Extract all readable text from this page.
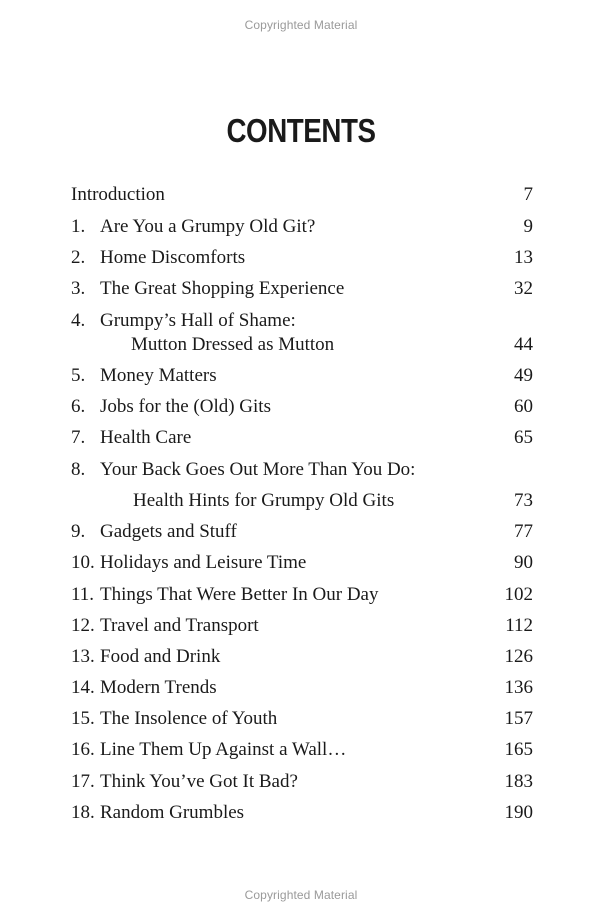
Copyrighted Material
CONTENTS
Introduction	7
1. Are You a Grumpy Old Git?	9
2. Home Discomforts	13
3. The Great Shopping Experience	32
4. Grumpy’s Hall of Shame:
Mutton Dressed as Mutton	44
5. Money Matters	49
6. Jobs for the (Old) Gits	60
7. Health Care	65
8. Your Back Goes Out More Than You Do:
Health Hints for Grumpy Old Gits	73
9. Gadgets and Stuff	77
10. Holidays and Leisure Time	90
11. Things That Were Better In Our Day	102
12. Travel and Transport	112
13. Food and Drink	126
14. Modern Trends	136
15. The Insolence of Youth	157
16. Line Them Up Against a Wall…	165
17. Think You’ve Got It Bad?	183
18. Random Grumbles	190
Copyrighted Material
